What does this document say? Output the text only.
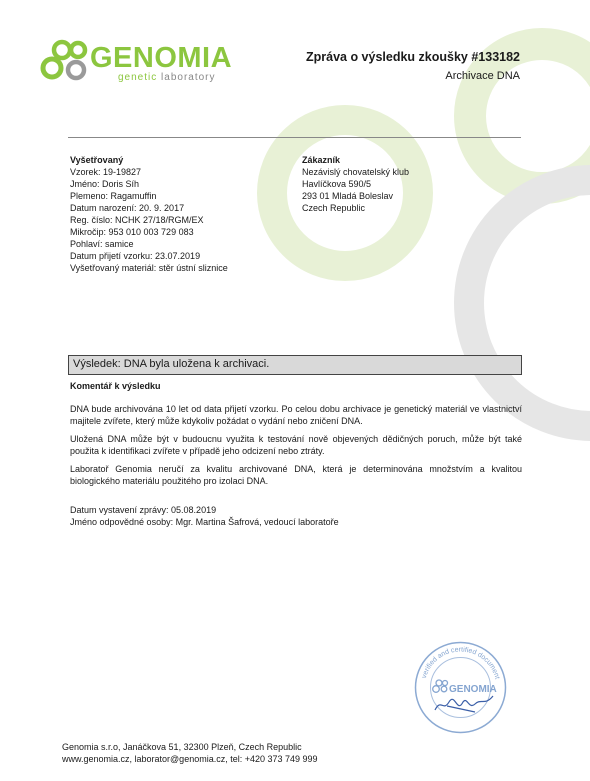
GENOMIA
genetic laboratory
Zpráva o výsledku zkoušky #133182
Archivace DNA
Vyšetřovaný
Vzorek: 19-19827
Jméno: Doris Síh
Plemeno: Ragamuffin
Datum narození: 20. 9. 2017
Reg. číslo: NCHK 27/18/RGM/EX
Mikročip: 953 010 003 729 083
Pohlaví: samice
Datum přijetí vzorku: 23.07.2019
Vyšetřovaný materiál: stěr ústní sliznice
Zákazník
Nezávislý chovatelský klub
Havlíčkova 590/5
293 01 Mladá Boleslav
Czech Republic
Výsledek: DNA byla uložena k archivaci.
Komentář k výsledku
DNA bude archivována 10 let od data přijetí vzorku. Po celou dobu archivace je genetický materiál ve vlastnictví majitele zvířete, který může kdykoliv požádat o vydání nebo zničení DNA.
Uložená DNA může být v budoucnu využita k testování nově objevených dědičných poruch, může být také použita k identifikaci zvířete v případě jeho odcizení nebo ztráty.
Laboratoř Genomia neručí za kvalitu archivované DNA, která je determinována množstvím a kvalitou biologického materiálu použitého pro izolaci DNA.
Datum vystavení zprávy: 05.08.2019
Jméno odpovědné osoby: Mgr. Martina Šafrová, vedoucí laboratoře
verified and certified document
GENOMIA
Genomia s.r.o, Janáčkova 51, 32300 Plzeň, Czech Republic
www.genomia.cz, laborator@genomia.cz, tel: +420 373 749 999
